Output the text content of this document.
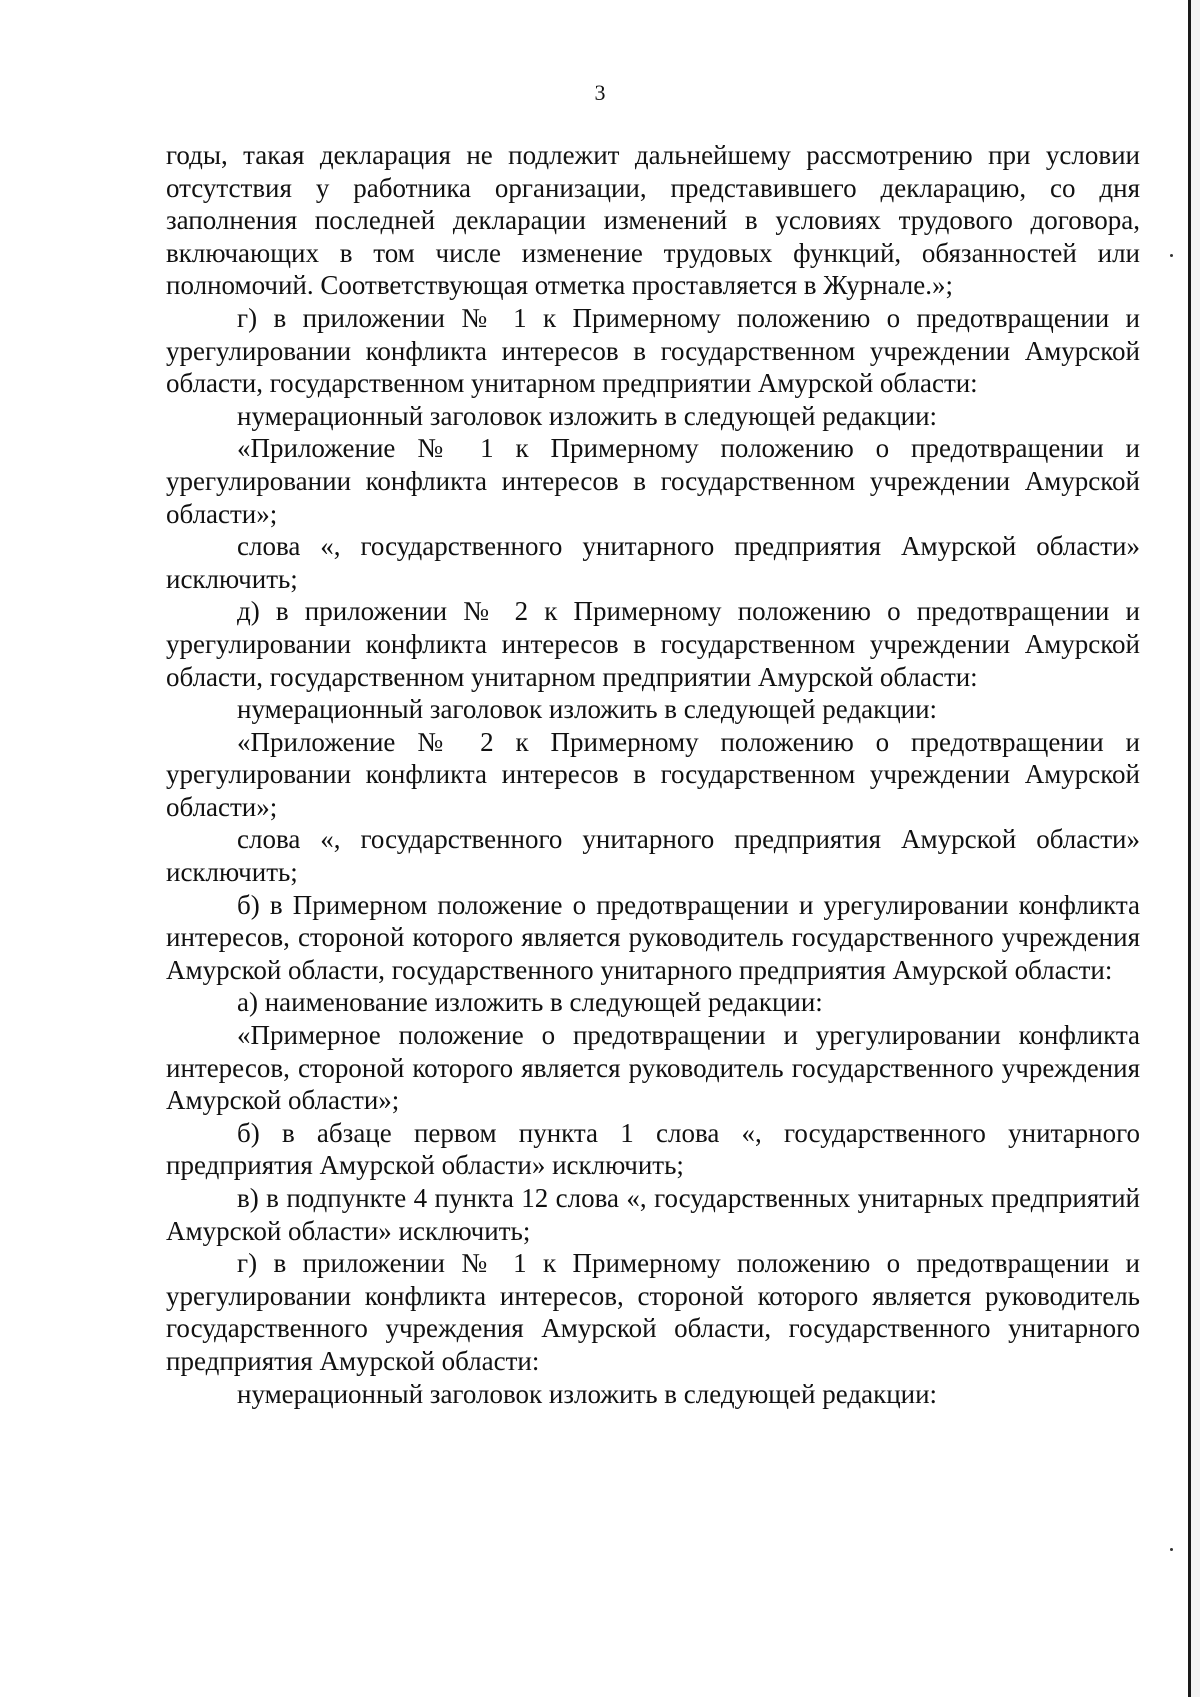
3

годы, такая декларация не подлежит дальнейшему рассмотрению при условии отсутствия у работника организации, представившего декларацию, со дня заполнения последней декларации изменений в условиях трудового договора, включающих в том числе изменение трудовых функций, обязанностей или полномочий. Соответствующая отметка проставляется в Журнале.»;

г) в приложении № 1 к Примерному положению о предотвращении и урегулировании конфликта интересов в государственном учреждении Амурской области, государственном унитарном предприятии Амурской области:

нумерационный заголовок изложить в следующей редакции:

«Приложение № 1 к Примерному положению о предотвращении и урегулировании конфликта интересов в государственном учреждении Амурской области»;

слова «, государственного унитарного предприятия Амурской области» исключить;

д) в приложении № 2 к Примерному положению о предотвращении и урегулировании конфликта интересов в государственном учреждении Амурской области, государственном унитарном предприятии Амурской области:

нумерационный заголовок изложить в следующей редакции:

«Приложение № 2 к Примерному положению о предотвращении и урегулировании конфликта интересов в государственном учреждении Амурской области»;

слова «, государственного унитарного предприятия Амурской области» исключить;

б) в Примерном положение о предотвращении и урегулировании конфликта интересов, стороной которого является руководитель государственного учреждения Амурской области, государственного унитарного предприятия Амурской области:

а) наименование изложить в следующей редакции:

«Примерное положение о предотвращении и урегулировании конфликта интересов, стороной которого является руководитель государственного учреждения Амурской области»;

б) в абзаце первом пункта 1 слова «, государственного унитарного предприятия Амурской области» исключить;

в) в подпункте 4 пункта 12 слова «, государственных унитарных предприятий Амурской области» исключить;

г) в приложении № 1 к Примерному положению о предотвращении и урегулировании конфликта интересов, стороной которого является руководитель государственного учреждения Амурской области, государственного унитарного предприятия Амурской области:

нумерационный заголовок изложить в следующей редакции:
